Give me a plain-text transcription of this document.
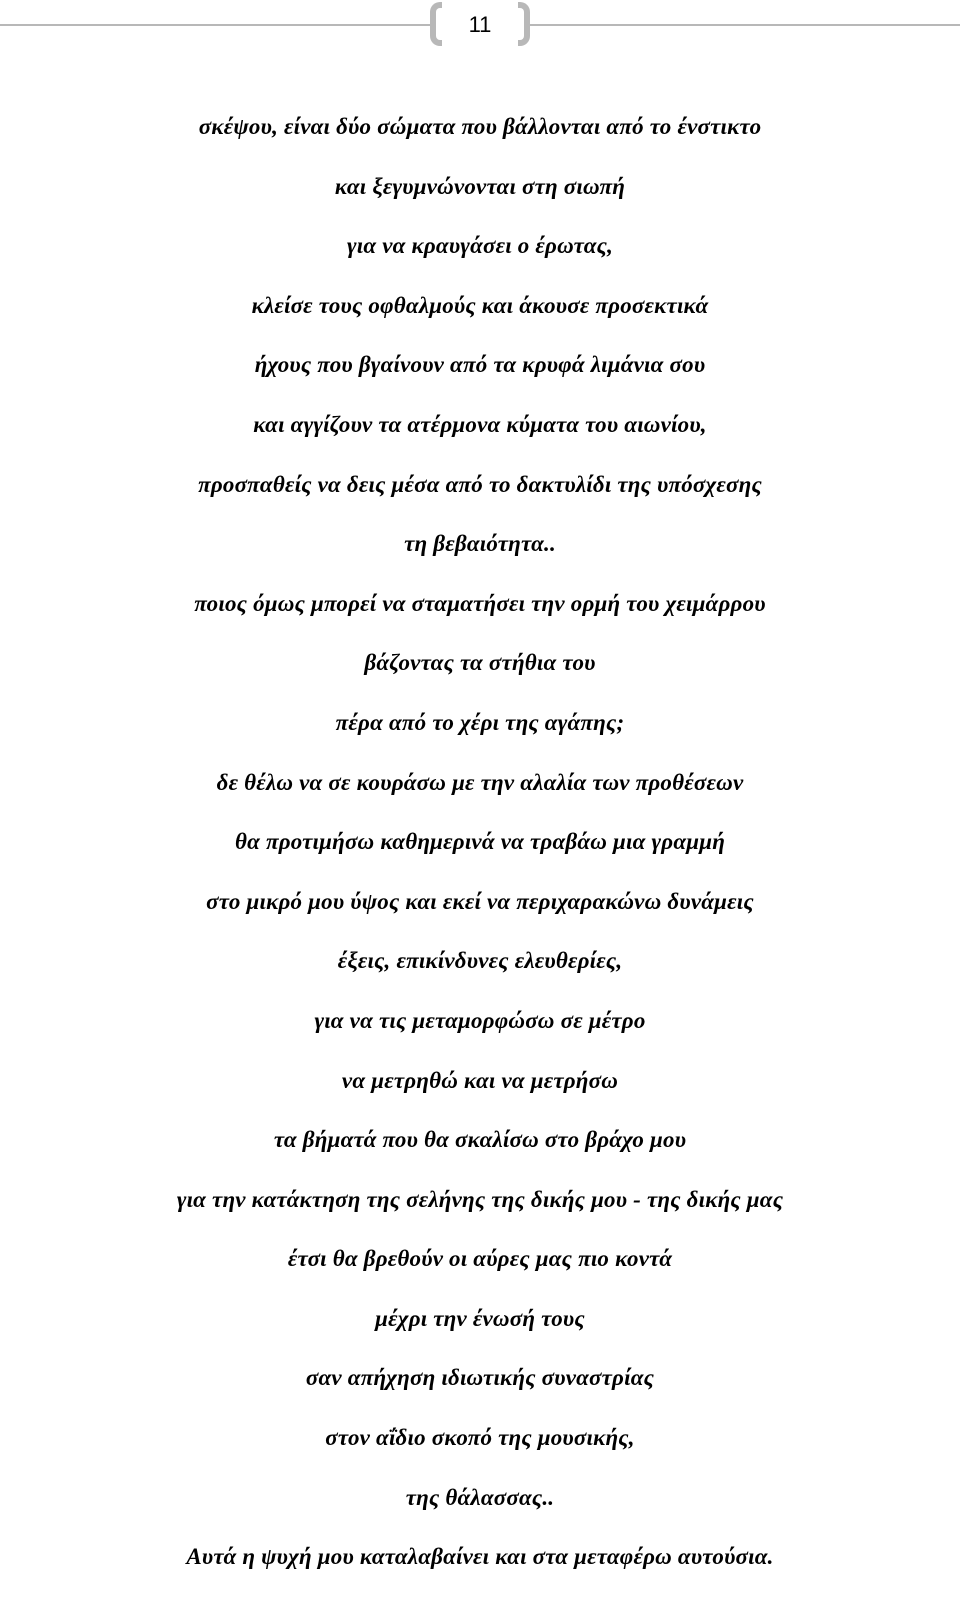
11
σκέψου, είναι δύο σώματα που βάλλονται από το ένστικτο
και ξεγυμνώνονται στη σιωπή
για να κραυγάσει ο έρωτας,
κλείσε τους οφθαλμούς και άκουσε προσεκτικά
ήχους που βγαίνουν από τα κρυφά λιμάνια σου
και αγγίζουν τα ατέρμονα κύματα του αιωνίου,
προσπαθείς να δεις μέσα από το δακτυλίδι της υπόσχεσης
τη βεβαιότητα..
ποιος όμως μπορεί να σταματήσει την ορμή του χειμάρρου
βάζοντας τα στήθια του
πέρα από το χέρι της αγάπης;
δε θέλω να σε κουράσω με την αλαλία των προθέσεων
θα προτιμήσω καθημερινά να τραβάω μια γραμμή
στο μικρό μου ύψος και εκεί να περιχαρακώνω δυνάμεις
έξεις, επικίνδυνες ελευθερίες,
για να τις μεταμορφώσω σε μέτρο
να μετρηθώ και να μετρήσω
τα βήματά που θα σκαλίσω στο βράχο μου
για την κατάκτηση της σελήνης της δικής μου - της δικής μας
έτσι θα βρεθούν οι αύρες μας πιο κοντά
μέχρι την ένωσή τους
σαν απήχηση ιδιωτικής συναστρίας
στον αΐδιο σκοπό της μουσικής,
της θάλασσας..
Αυτά η ψυχή μου καταλαβαίνει και στα μεταφέρω αυτούσια.
